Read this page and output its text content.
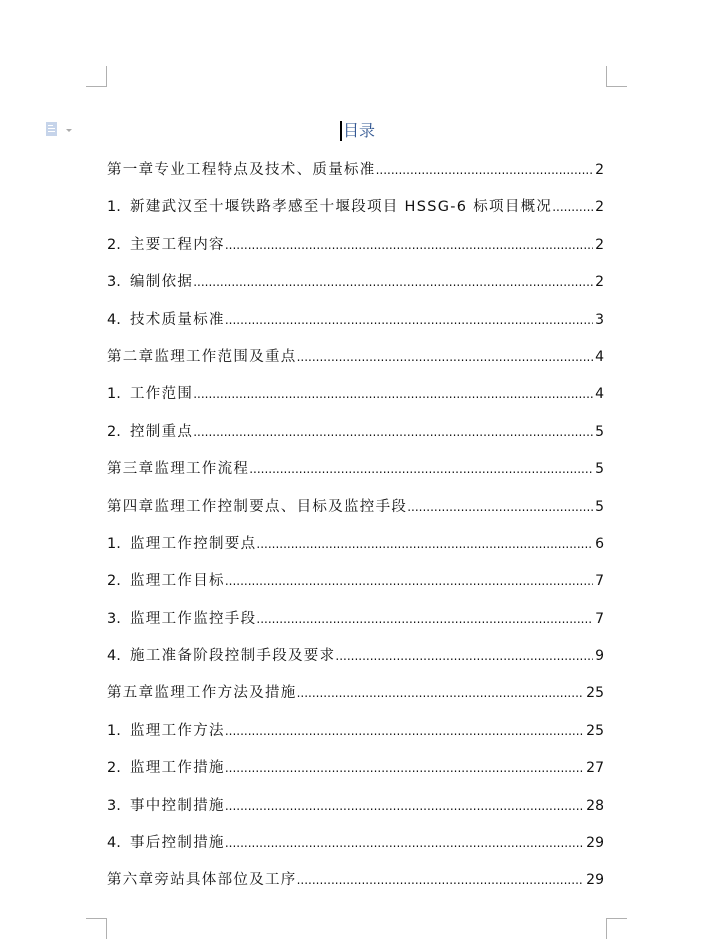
目录
第一章专业工程特点及技术、质量标准 .....	2
1. 新建武汉至十堰铁路孝感至十堰段项目 HSSG-6 标项目概况 .....	2
2. 主要工程内容 .....	2
3. 编制依据 .....	2
4. 技术质量标准 .....	3
第二章监理工作范围及重点 .....	4
1. 工作范围 .....	4
2. 控制重点 .....	5
第三章监理工作流程 .....	5
第四章监理工作控制要点、目标及监控手段 .....	5
1. 监理工作控制要点 .....	6
2. 监理工作目标 .....	7
3. 监理工作监控手段 .....	7
4. 施工准备阶段控制手段及要求 .....	9
第五章监理工作方法及措施 .....	25
1. 监理工作方法 .....	25
2. 监理工作措施 .....	27
3. 事中控制措施 .....	28
4. 事后控制措施 .....	29
第六章旁站具体部位及工序 .....	29
